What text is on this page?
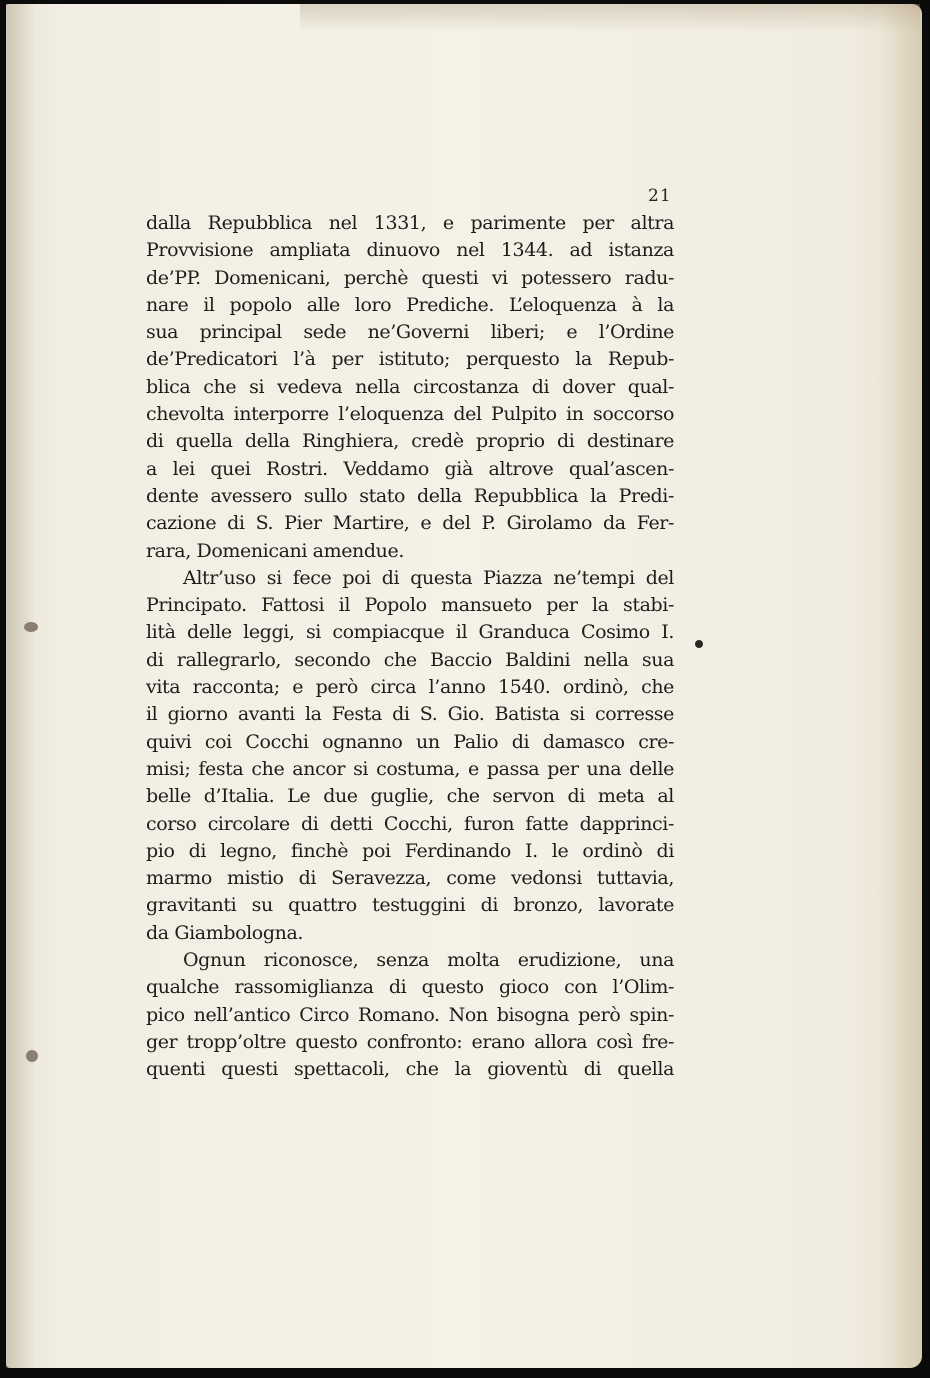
21
dalla Repubblica nel 1331, e parimente per altra
Provvisione ampliata dinuovo nel 1344. ad istanza
de’PP. Domenicani, perchè questi vi potessero radu-
nare il popolo alle loro Prediche. L’eloquenza à la
sua principal sede ne’Governi liberi; e l’Ordine
de’Predicatori l’à per istituto; perquesto la Repub-
blica che si vedeva nella circostanza di dover qual-
chevolta interporre l’eloquenza del Pulpito in soccorso
di quella della Ringhiera, credè proprio di destinare
a lei quei Rostri. Veddamo già altrove qual’ascen-
dente avessero sullo stato della Repubblica la Predi-
cazione di S. Pier Martire, e del P. Girolamo da Fer-
rara, Domenicani amendue.
Altr’uso si fece poi di questa Piazza ne’tempi del
Principato. Fattosi il Popolo mansueto per la stabi-
lità delle leggi, si compiacque il Granduca Cosimo I.
di rallegrarlo, secondo che Baccio Baldini nella sua
vita racconta; e però circa l’anno 1540. ordinò, che
il giorno avanti la Festa di S. Gio. Batista si corresse
quivi coi Cocchi ognanno un Palio di damasco cre-
misi; festa che ancor si costuma, e passa per una delle
belle d’Italia. Le due guglie, che servon di meta al
corso circolare di detti Cocchi, furon fatte dapprinci-
pio di legno, finchè poi Ferdinando I. le ordinò di
marmo mistio di Seravezza, come vedonsi tuttavia,
gravitanti su quattro testuggini di bronzo, lavorate
da Giambologna.
Ognun riconosce, senza molta erudizione, una
qualche rassomiglianza di questo gioco con l’Olim-
pico nell’antico Circo Romano. Non bisogna però spin-
ger tropp’oltre questo confronto: erano allora così fre-
quenti questi spettacoli, che la gioventù di quella
